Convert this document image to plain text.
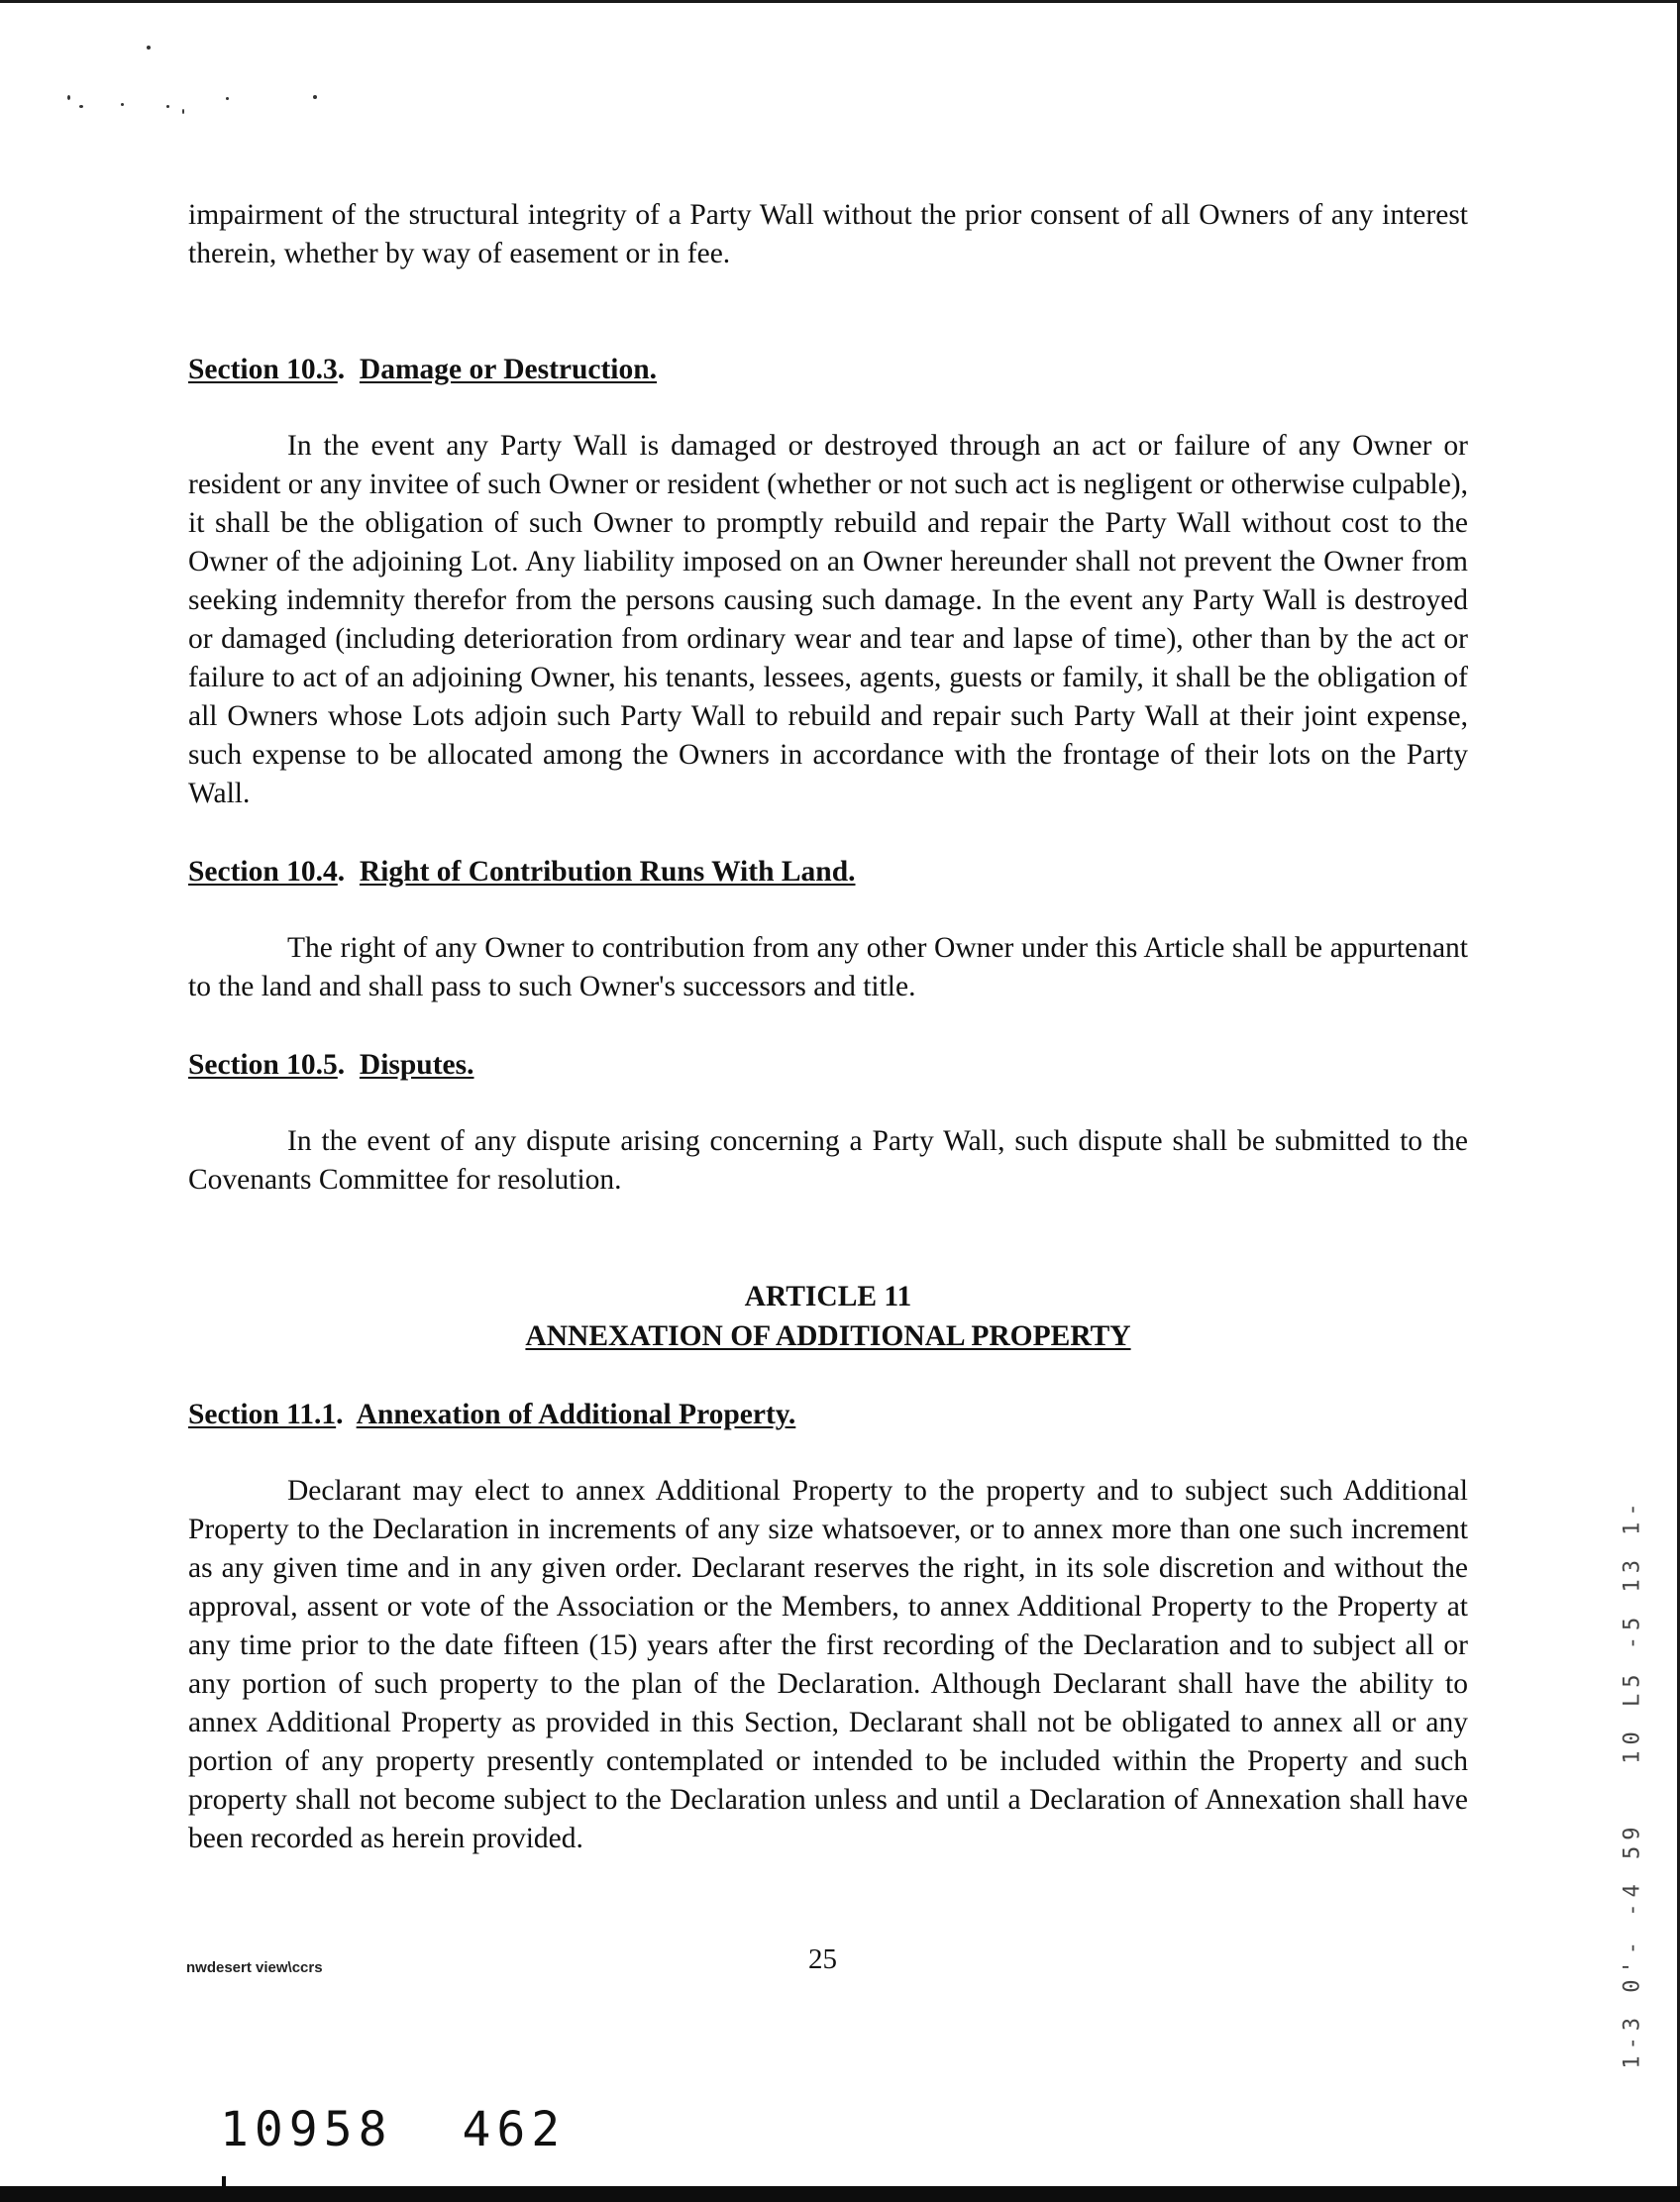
impairment of the structural integrity of a Party Wall without the prior consent of all Owners of any interest therein, whether by way of easement or in fee.

Section 10.3.  Damage or Destruction.

In the event any Party Wall is damaged or destroyed through an act or failure of any Owner or resident or any invitee of such Owner or resident (whether or not such act is negligent or otherwise culpable), it shall be the obligation of such Owner to promptly rebuild and repair the Party Wall without cost to the Owner of the adjoining Lot. Any liability imposed on an Owner hereunder shall not prevent the Owner from seeking indemnity therefor from the persons causing such damage. In the event any Party Wall is destroyed or damaged (including deterioration from ordinary wear and tear and lapse of time), other than by the act or failure to act of an adjoining Owner, his tenants, lessees, agents, guests or family, it shall be the obligation of all Owners whose Lots adjoin such Party Wall to rebuild and repair such Party Wall at their joint expense, such expense to be allocated among the Owners in accordance with the frontage of their lots on the Party Wall.

Section 10.4.  Right of Contribution Runs With Land.

The right of any Owner to contribution from any other Owner under this Article shall be appurtenant to the land and shall pass to such Owner's successors and title.

Section 10.5.  Disputes.

In the event of any dispute arising concerning a Party Wall, such dispute shall be submitted to the Covenants Committee for resolution.

ARTICLE 11
ANNEXATION OF ADDITIONAL PROPERTY
Section 11.1.  Annexation of Additional Property.

Declarant may elect to annex Additional Property to the property and to subject such Additional Property to the Declaration in increments of any size whatsoever, or to annex more than one such increment as any given time and in any given order. Declarant reserves the right, in its sole discretion and without the approval, assent or vote of the Association or the Members, to annex Additional Property to the Property at any time prior to the date fifteen (15) years after the first recording of the Declaration and to subject all or any portion of such property to the plan of the Declaration. Although Declarant shall have the ability to annex Additional Property as provided in this Section, Declarant shall not be obligated to annex all or any portion of any property presently contemplated or intended to be included within the Property and such property shall not become subject to the Declaration unless and until a Declaration of Annexation shall have been recorded as herein provided.

nwdesert view\ccrs	25
10958 462
1-3 0'- -4 59   10 L5 -5 13 1-
